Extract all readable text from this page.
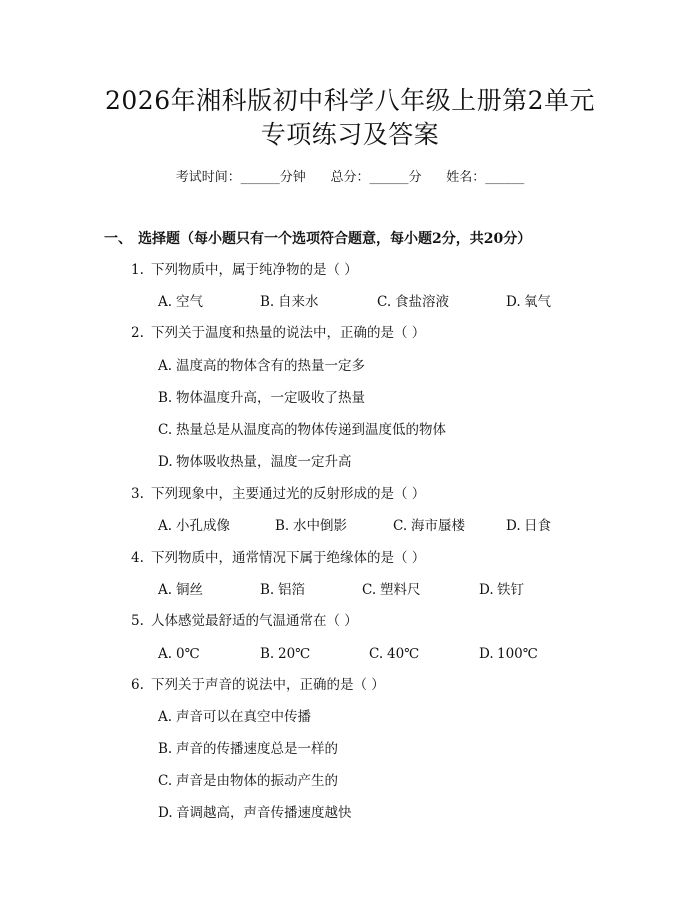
2026年湘科版初中科学八年级上册第2单元
专项练习及答案
考试时间：______分钟      总分：______分      姓名：______
一、 选择题（每小题只有一个选项符合题意，每小题2分，共20分）
1. 下列物质中，属于纯净物的是（ ）
A. 空气	B. 自来水	C. 食盐溶液	D. 氧气
2. 下列关于温度和热量的说法中，正确的是（ ）
A. 温度高的物体含有的热量一定多
B. 物体温度升高，一定吸收了热量
C. 热量总是从温度高的物体传递到温度低的物体
D. 物体吸收热量，温度一定升高
3. 下列现象中，主要通过光的反射形成的是（ ）
A. 小孔成像	B. 水中倒影	C. 海市蜃楼	D. 日食
4. 下列物质中，通常情况下属于绝缘体的是（ ）
A. 铜丝	B. 铝箔	C. 塑料尺	D. 铁钉
5. 人体感觉最舒适的气温通常在（ ）
A. 0℃	B. 20℃	C. 40℃	D. 100℃
6. 下列关于声音的说法中，正确的是（ ）
A. 声音可以在真空中传播
B. 声音的传播速度总是一样的
C. 声音是由物体的振动产生的
D. 音调越高，声音传播速度越快
